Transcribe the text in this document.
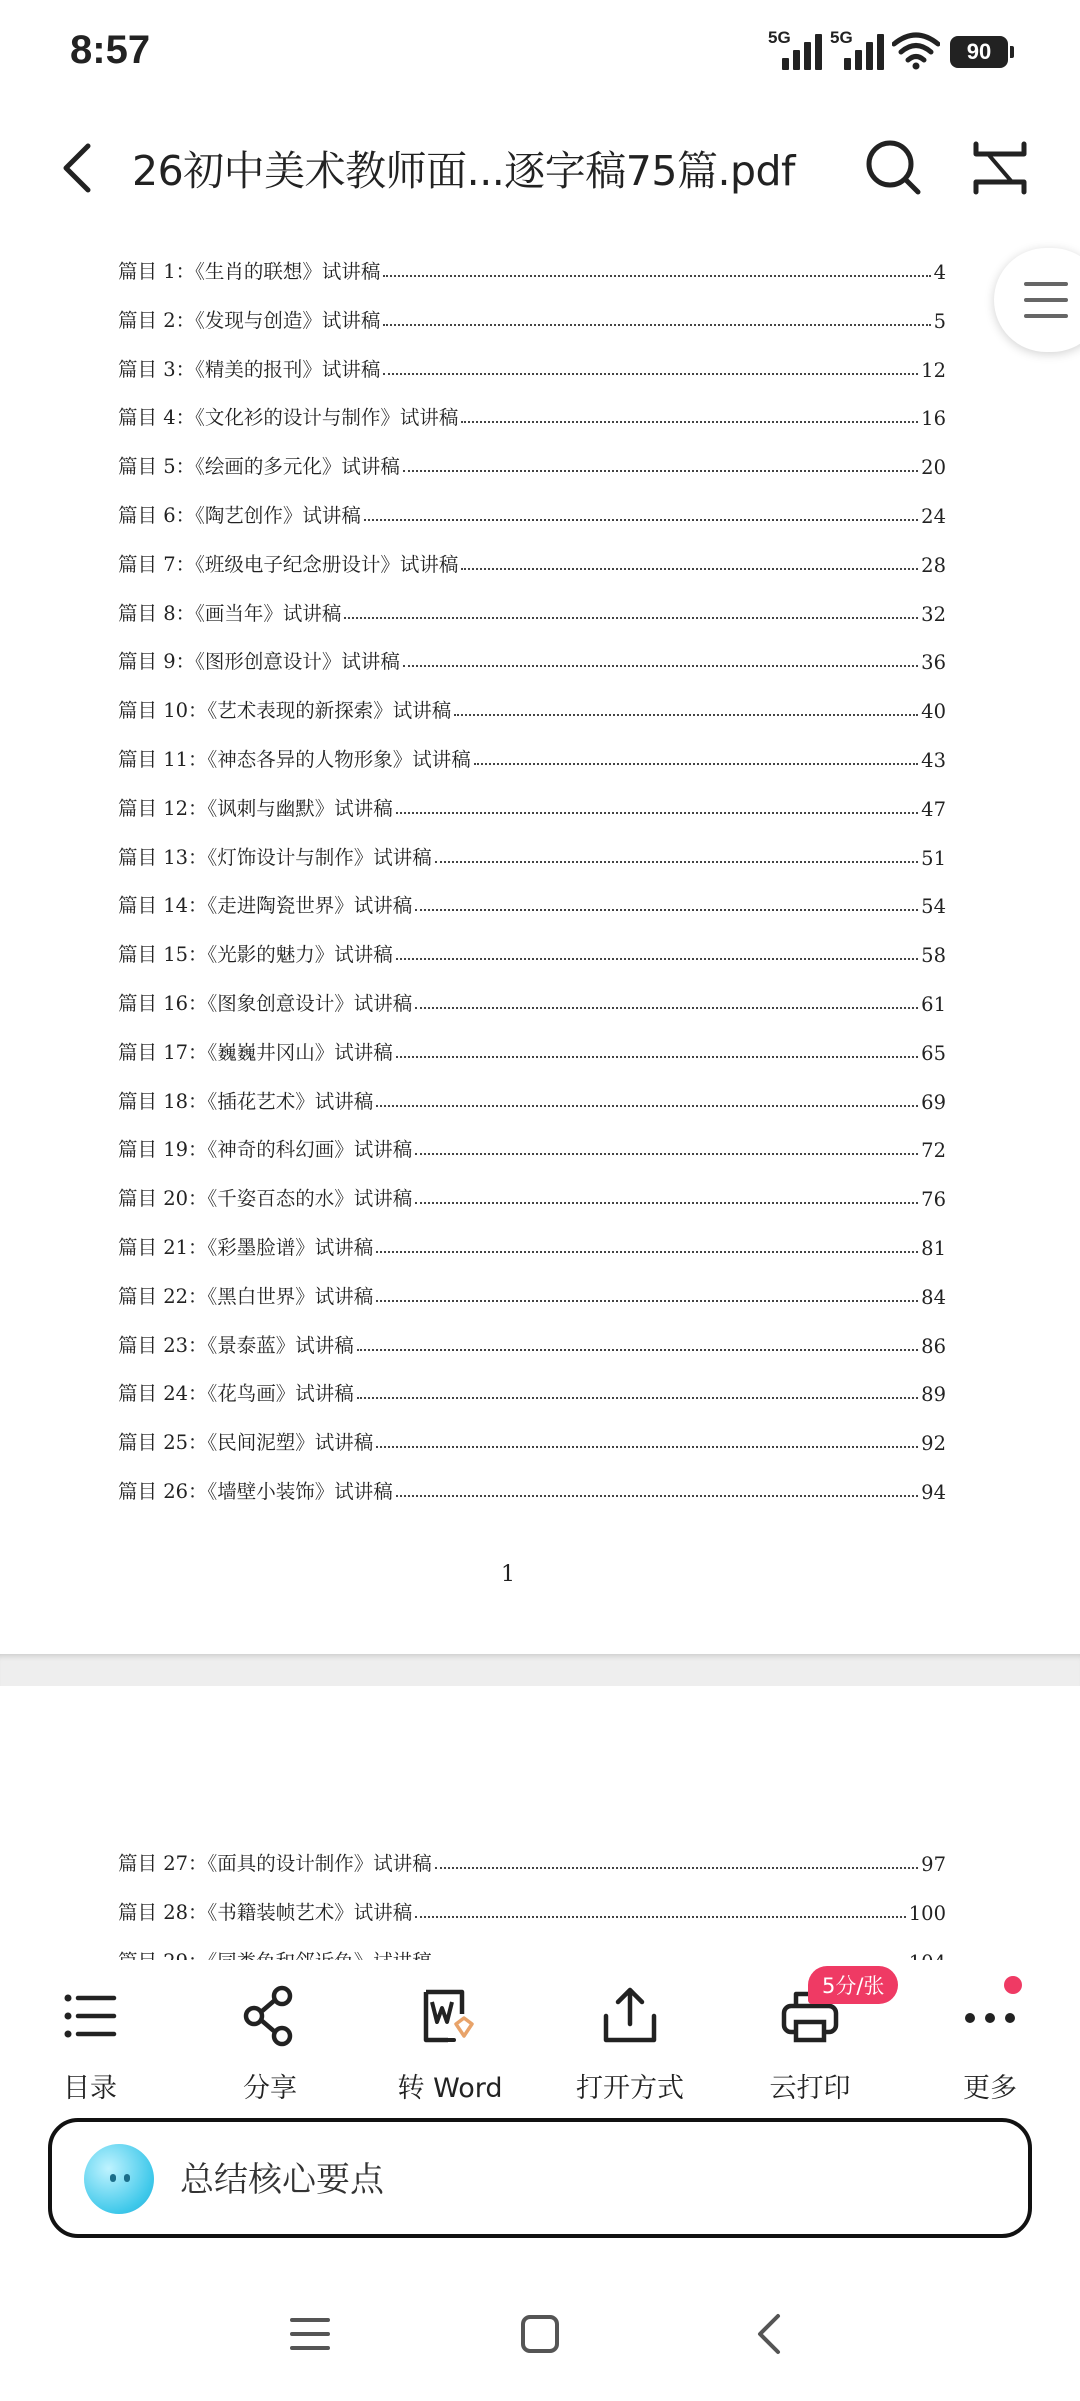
8:57	5G 5G
90
26初中美术教师面...逐字稿75篇.pdf
篇目 1：《生肖的联想》试讲稿	4
篇目 2：《发现与创造》试讲稿	5
篇目 3：《精美的报刊》试讲稿	12
篇目 4：《文化衫的设计与制作》试讲稿	16
篇目 5：《绘画的多元化》试讲稿	20
篇目 6：《陶艺创作》试讲稿	24
篇目 7：《班级电子纪念册设计》试讲稿	28
篇目 8：《画当年》试讲稿	32
篇目 9：《图形创意设计》试讲稿	36
篇目 10：《艺术表现的新探索》试讲稿	40
篇目 11：《神态各异的人物形象》试讲稿	43
篇目 12：《讽刺与幽默》试讲稿	47
篇目 13：《灯饰设计与制作》试讲稿	51
篇目 14：《走进陶瓷世界》试讲稿	54
篇目 15：《光影的魅力》试讲稿	58
篇目 16：《图象创意设计》试讲稿	61
篇目 17：《巍巍井冈山》试讲稿	65
篇目 18：《插花艺术》试讲稿	69
篇目 19：《神奇的科幻画》试讲稿	72
篇目 20：《千姿百态的水》试讲稿	76
篇目 21：《彩墨脸谱》试讲稿	81
篇目 22：《黑白世界》试讲稿	84
篇目 23：《景泰蓝》试讲稿	86
篇目 24：《花鸟画》试讲稿	89
篇目 25：《民间泥塑》试讲稿	92
篇目 26：《墙壁小装饰》试讲稿	94
1
篇目 27：《面具的设计制作》试讲稿	97
篇目 28：《书籍装帧艺术》试讲稿	100
目录	分享	转 Word	打开方式	云打印	更多
5分/张
总结核心要点
